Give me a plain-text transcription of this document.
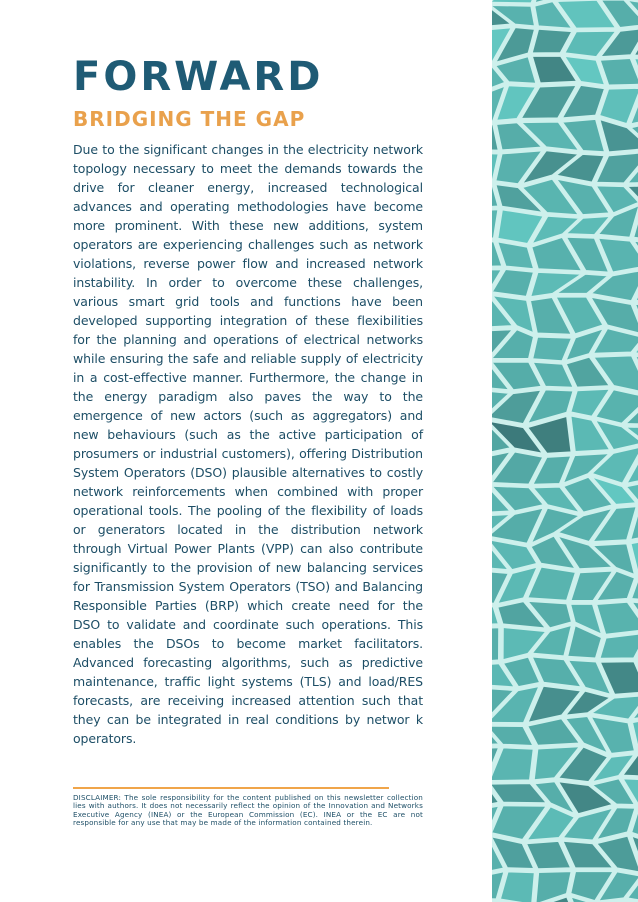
FORWARD
BRIDGING THE GAP

Due to the significant changes in the electricity network topology necessary to meet the demands towards the drive for cleaner energy, increased technological advances and operating methodologies have become more prominent. With these new additions, system operators are experiencing challenges such as network violations, reverse power flow and increased network instability. In order to overcome these challenges, various smart grid tools and functions have been developed supporting integration of these flexibilities for the planning and operations of electrical networks while ensuring the safe and reliable supply of electricity in a cost-effective manner. Furthermore, the change in the energy paradigm also paves the way to the emergence of new actors (such as aggregators) and new behaviours (such as the active participation of prosumers or industrial customers), offering Distribution System Operators (DSO) plausible alternatives to costly network reinforcements when combined with proper operational tools. The pooling of the flexibility of loads or generators located in the distribution network through Virtual Power Plants (VPP) can also contribute significantly to the provision of new balancing services for Transmission System Operators (TSO) and Balancing Responsible Parties (BRP) which create need for the DSO to validate and coordinate such operations. This enables the DSOs to become market facilitators. Advanced forecasting algorithms, such as predictive maintenance, traffic light systems (TLS) and load/RES forecasts, are receiving increased attention such that they can be integrated in real conditions by networ k operators.

DISCLAIMER: The sole responsibility for the content published on this newsletter collection lies with authors. It does not necessarily reflect the opinion of the Innovation and Networks Executive Agency (INEA) or the European Commission (EC). INEA or the EC are not responsible for any use that may be made of the information contained therein.
